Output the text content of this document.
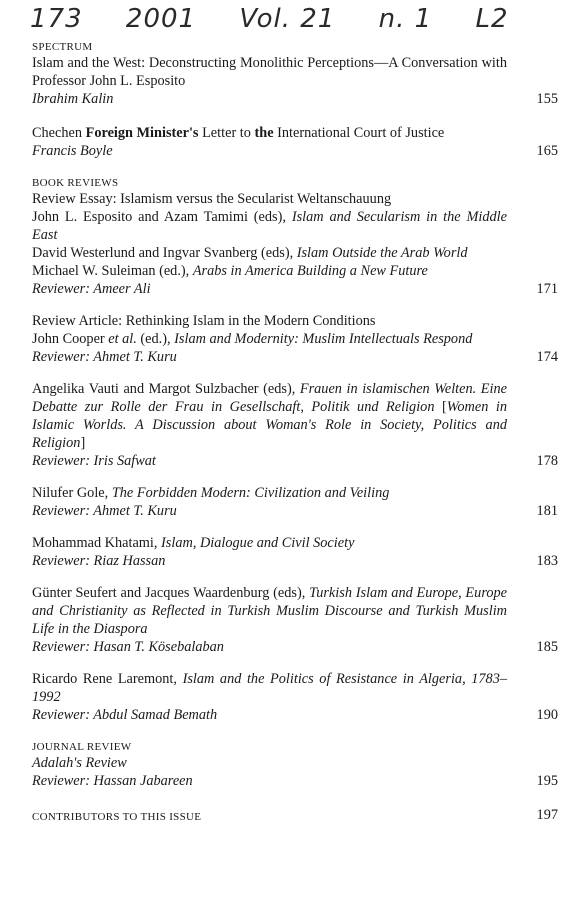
173 2001 Vol. 21 n. 1 L2

SPECTRUM

Islam and the West: Deconstructing Monolithic Perceptions—A Conversation with Professor John L. Esposito

Ibrahim Kalin	155

Chechen Foreign Minister's Letter to the International Court of Justice

Francis Boyle	165

BOOK REVIEWS

Review Essay: Islamism versus the Secularist Weltanschauung

John L. Esposito and Azam Tamimi (eds), Islam and Secularism in the Middle East

David Westerlund and Ingvar Svanberg (eds), Islam Outside the Arab World

Michael W. Suleiman (ed.), Arabs in America Building a New Future

Reviewer: Ameer Ali	171

Review Article: Rethinking Islam in the Modern Conditions

John Cooper et al. (ed.), Islam and Modernity: Muslim Intellectuals Respond

Reviewer: Ahmet T. Kuru	174

Angelika Vauti and Margot Sulzbacher (eds), Frauen in islamischen Welten. Eine Debatte zur Rolle der Frau in Gesellschaft, Politik und Religion [Women in Islamic Worlds. A Discussion about Woman's Role in Society, Politics and Religion]

Reviewer: Iris Safwat	178

Nilufer Gole, The Forbidden Modern: Civilization and Veiling

Reviewer: Ahmet T. Kuru	181

Mohammad Khatami, Islam, Dialogue and Civil Society

Reviewer: Riaz Hassan	183

Günter Seufert and Jacques Waardenburg (eds), Turkish Islam and Europe, Europe and Christianity as Reflected in Turkish Muslim Discourse and Turkish Muslim Life in the Diaspora

Reviewer: Hasan T. Kösebalaban	185

Ricardo Rene Laremont, Islam and the Politics of Resistance in Algeria, 1783–1992

Reviewer: Abdul Samad Bemath	190

JOURNAL REVIEW

Adalah's Review

Reviewer: Hassan Jabareen	195

CONTRIBUTORS TO THIS ISSUE	197
